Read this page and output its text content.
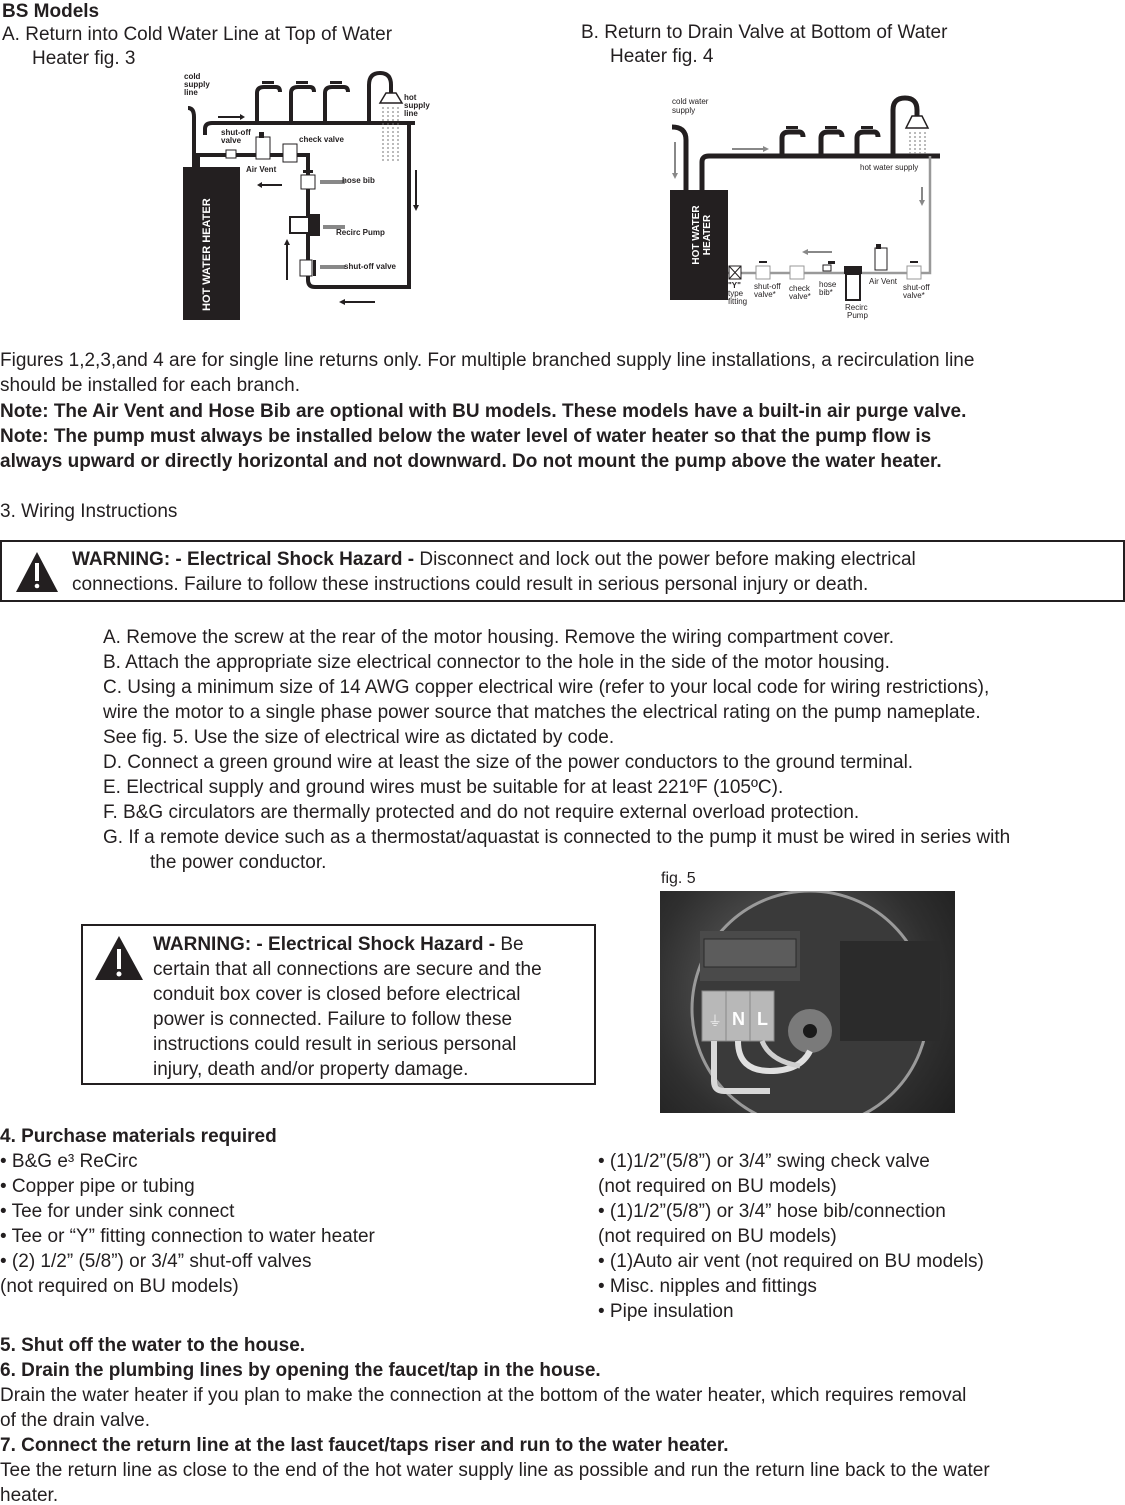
BS Models
A. Return into Cold Water Line at Top of Water
Heater fig. 3
B. Return to Drain Valve at Bottom of Water
Heater fig. 4
HOT WATER HEATER
cold
supply
line
hot
supply
line
shut-off
valve
Air Vent
check valve
hose bib
Recirc Pump
shut-off valve
HOT WATER HEATER
cold water
supply
hot water supply
"Y"
type
fitting
shut-off
valve*
check
valve*
hose
bib*
Recirc
Pump
Air Vent
shut-off
valve*
Figures 1,2,3,and 4 are for single line returns only. For multiple branched supply line installations, a recirculation line
should be installed for each branch.
Note: The Air Vent and Hose Bib are optional with BU models. These models have a built-in air purge valve.
Note: The pump must always be installed below the water level of water heater so that the pump flow is
always upward or directly horizontal and not downward. Do not mount the pump above the water heater.
3. Wiring Instructions
WARNING: - Electrical Shock Hazard - Disconnect and lock out the power before making electrical
connections. Failure to follow these instructions could result in serious personal injury or death.
A. Remove the screw at the rear of the motor housing. Remove the wiring compartment cover.
B. Attach the appropriate size electrical connector to the hole in the side of the motor housing.
C. Using a minimum size of 14 AWG copper electrical wire (refer to your local code for wiring restrictions),
wire the motor to a single phase power source that matches the electrical rating on the pump nameplate.
See fig. 5. Use the size of electrical wire as dictated by code.
D. Connect a green ground wire at least the size of the power conductors to the ground terminal.
E. Electrical supply and ground wires must be suitable for at least 221ºF (105ºC).
F. B&G circulators are thermally protected and do not require external overload protection.
G. If a remote device such as a thermostat/aquastat is connected to the pump it must be wired in series with
the power conductor.
WARNING: - Electrical Shock Hazard - Be
certain that all connections are secure and the
conduit box cover is closed before electrical
power is connected. Failure to follow these
instructions could result in serious personal
injury, death and/or property damage.
fig. 5
⏚ N L
4. Purchase materials required
• B&G e³ ReCirc
• Copper pipe or tubing
• Tee for under sink connect
• Tee or “Y” fitting connection to water heater
• (2) 1/2” (5/8”) or 3/4” shut-off valves
(not required on BU models)
• (1)1/2”(5/8”) or 3/4” swing check valve
(not required on BU models)
• (1)1/2”(5/8”) or 3/4” hose bib/connection
(not required on BU models)
• (1)Auto air vent (not required on BU models)
• Misc. nipples and fittings
• Pipe insulation
5. Shut off the water to the house.
6. Drain the plumbing lines by opening the faucet/tap in the house.
Drain the water heater if you plan to make the connection at the bottom of the water heater, which requires removal
of the drain valve.
7. Connect the return line at the last faucet/taps riser and run to the water heater.
Tee the return line as close to the end of the hot water supply line as possible and run the return line back to the water
heater.
